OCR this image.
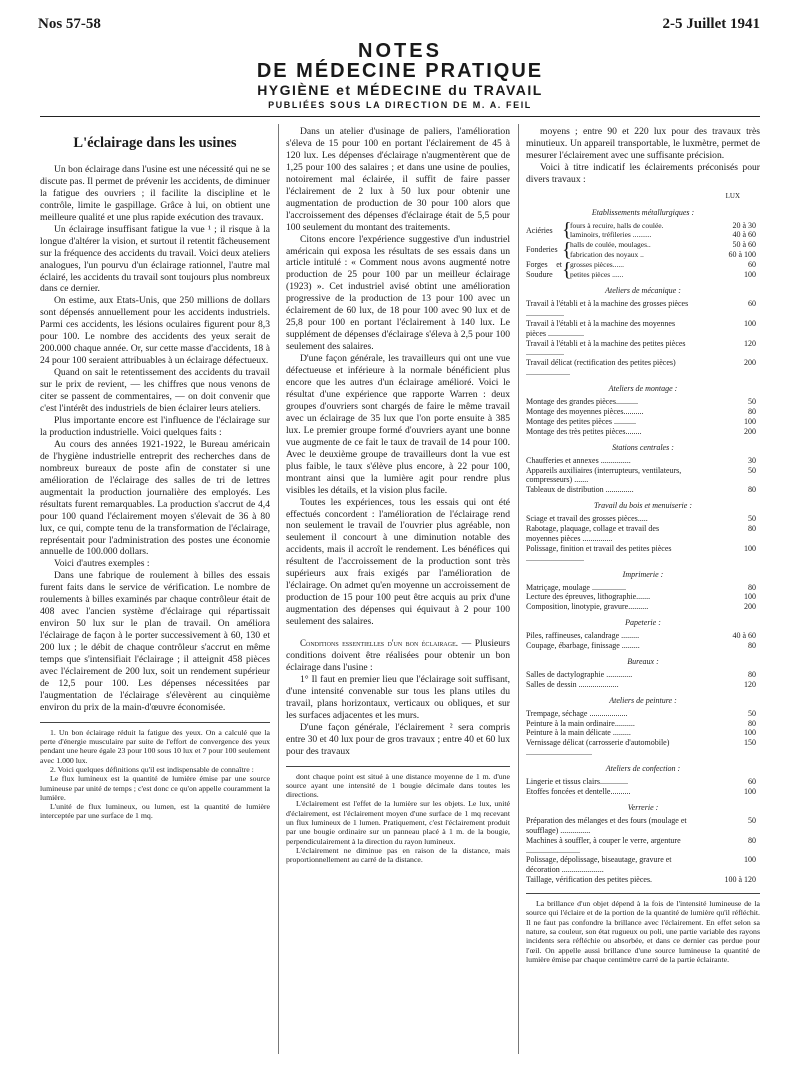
Nos 57-58	2-5 Juillet 1941
NOTES
DE MÉDECINE PRATIQUE
HYGIÈNE et MÉDECINE du TRAVAIL
PUBLIÉES SOUS LA DIRECTION DE M. A. FEIL
L'éclairage dans les usines

Un bon éclairage dans l'usine est une nécessité qui ne se discute pas. Il permet de prévenir les accidents, de diminuer la fatigue des ouvriers ; il facilite la discipline et le contrôle, limite le gaspillage. Grâce à lui, on obtient une meilleure qualité et une plus rapide exécution des travaux.

Un éclairage insuffisant fatigue la vue ¹ ; il risque à la longue d'altérer la vision, et surtout il retentit fâcheusement sur la fréquence des accidents du travail. Voici deux ateliers analogues, l'un pourvu d'un éclairage rationnel, l'autre mal éclairé, les accidents du travail sont toujours plus nombreux dans ce dernier.

On estime, aux Etats-Unis, que 250 millions de dollars sont dépensés annuellement pour les accidents industriels. Parmi ces accidents, les lésions oculaires figurent pour 8,3 pour 100. Le nombre des accidents des yeux serait de 200.000 chaque année. Or, sur cette masse d'accidents, 18 à 24 pour 100 seraient attribuables à un éclairage défectueux.

Quand on sait le retentissement des accidents du travail sur le prix de revient, — les chiffres que nous venons de citer se passent de commentaires, — on doit convenir que c'est l'intérêt des industriels de bien éclairer leurs ateliers.

Plus importante encore est l'influence de l'éclairage sur la production industrielle. Voici quelques faits :

Au cours des années 1921-1922, le Bureau américain de l'hygiène industrielle entreprit des recherches dans de nombreux bureaux de poste afin de constater si une amélioration de l'éclairage des salles de tri de lettres augmentait la production journalière des employés. Les résultats furent remarquables. La production s'accrut de 4,4 pour 100 quand l'éclairement moyen s'élevait de 36 à 80 lux, ce qui, compte tenu de la transformation de l'éclairage, représentait pour l'administration des postes une économie annuelle de 100.000 dollars.

Voici d'autres exemples :

Dans une fabrique de roulement à billes des essais furent faits dans le service de vérification. Le nombre de roulements à billes examinés par chaque contrôleur était de 408 avec l'ancien système d'éclairage qui répartissait environ 50 lux sur le plan de travail. On améliora l'éclairage de façon à le porter successivement à 60, 130 et 200 lux ; le débit de chaque contrôleur s'accrut en même temps que s'intensifiait l'éclairage ; il atteignit 458 pièces avec l'éclairement de 200 lux, soit un rendement supérieur de 12,5 pour 100. Les dépenses nécessitées par l'augmentation de l'éclairage s'élevèrent au cinquième environ du prix de la main-d'œuvre économisée.

1. Un bon éclairage réduit la fatigue des yeux. On a calculé que la perte d'énergie musculaire par suite de l'effort de convergence des yeux pendant une heure égale 23 pour 100 sous 10 lux et 7 pour 100 seulement avec 1.000 lux.

2. Voici quelques définitions qu'il est indispensable de connaître :

Le flux lumineux est la quantité de lumière émise par une source lumineuse par unité de temps ; c'est donc ce qu'on appelle couramment la lumière.

L'unité de flux lumineux, ou lumen, est la quantité de lumière interceptée par une surface de 1 mq.

Dans un atelier d'usinage de paliers, l'amélioration s'éleva de 15 pour 100 en portant l'éclairement de 45 à 120 lux. Les dépenses d'éclairage n'augmentèrent que de 1,25 pour 100 des salaires ; et dans une usine de poulies, notoirement mal éclairée, il suffit de faire passer l'éclairement de 2 lux à 50 lux pour obtenir une augmentation de production de 30 pour 100 alors que l'accroissement des dépenses d'éclairage était de 5,5 pour 100 seulement du montant des traitements.

Citons encore l'expérience suggestive d'un industriel américain qui exposa les résultats de ses essais dans un article intitulé : « Comment nous avons augmenté notre production de 25 pour 100 par un meilleur éclairage (1923) ». Cet industriel avisé obtint une amélioration progressive de la production de 13 pour 100 avec un éclairement de 60 lux, de 18 pour 100 avec 90 lux et de 25,8 pour 100 en portant l'éclairement à 140 lux. Le supplément de dépenses d'éclairage s'éleva à 2,5 pour 100 seulement des salaires.

D'une façon générale, les travailleurs qui ont une vue défectueuse et inférieure à la normale bénéficient plus encore que les autres d'un éclairage amélioré. Voici le résultat d'une expérience que rapporte Warren : deux groupes d'ouvriers sont chargés de faire le même travail avec un éclairage de 35 lux que l'on porte ensuite à 385 lux. Le premier groupe formé d'ouvriers ayant une bonne vue augmente de ce fait le taux de travail de 14 pour 100. Avec le deuxième groupe de travailleurs dont la vue est plus faible, le taux s'élève plus encore, à 22 pour 100, montrant ainsi que la lumière agit pour rendre plus visibles les détails, et la vision plus facile.

Toutes les expériences, tous les essais qui ont été effectués concordent : l'amélioration de l'éclairage rend non seulement le travail de l'ouvrier plus agréable, non seulement il concourt à une diminution notable des accidents, mais il accroît le rendement. Les bénéfices qui résultent de l'accroissement de la production sont très supérieurs aux frais exigés par l'amélioration de l'éclairage. On admet qu'en moyenne un accroissement de production de 15 pour 100 peut être acquis au prix d'une augmentation des dépenses qui équivaut à 2 pour 100 seulement des salaires.

Conditions essentielles d'un bon éclairage. — Plusieurs conditions doivent être réalisées pour obtenir un bon éclairage dans l'usine :

1° Il faut en premier lieu que l'éclairage soit suffisant, d'une intensité convenable sur tous les plans utiles du travail, plans horizontaux, verticaux ou obliques, et sur les surfaces adjacentes et les murs.

D'une façon générale, l'éclairement ² sera compris entre 30 et 40 lux pour de gros travaux ; entre 40 et 60 lux pour des travaux

dont chaque point est situé à une distance moyenne de 1 m. d'une source ayant une intensité de 1 bougie décimale dans toutes les directions.

L'éclairement est l'effet de la lumière sur les objets. Le lux, unité d'éclairement, est l'éclairement moyen d'une surface de 1 mq recevant un flux lumineux de 1 lumen. Pratiquement, c'est l'éclairement produit par une bougie ordinaire sur un panneau placé à 1 m. de la bougie, perpendiculairement à la direction du rayon lumineux.

L'éclairement ne diminue pas en raison de la distance, mais proportionnellement au carré de la distance.

moyens ; entre 90 et 220 lux pour des travaux très minutieux. Un appareil transportable, le luxmètre, permet de mesurer l'éclairement avec une suffisante précision.

Voici à titre indicatif les éclairements préconisés pour divers travaux :

LUX
Etablissements métallurgiques :
Aciéries {
fours à recuire, halls de coulée.	20 à 30
laminoirs, tréfileries ..........	40 à 60
Fonderies {
halls de coulée, moulages..	50 à 60
fabrication des noyaux ..	60 à 100
Forges et Soudure {
grosses pièces......	60
petites pièces ......	100
Ateliers de mécanique :
Travail à l'établi et à la machine des grosses pièces ...................
60
Travail à l'établi et à la machine des moyennes pièces ..................
100
Travail à l'établi et à la machine des petites pièces ...................
120
Travail délicat (rectification des petites pièces) ......................
200
Ateliers de montage :
Montage des grandes pièces...........	50
Montage des moyennes pièces..........	80
Montage des petites pièces ...........	100
Montage des très petites pièces........	200
Stations centrales :
Chaufferies et annexes ...............	30
Appareils auxiliaires (interrupteurs, ventilateurs, compresseurs) .......
50
Tableaux de distribution ..............	80
Travail du bois et menuiserie :
Sciage et travail des grosses pièces.....	50
Rabotage, plaquage, collage et travail des moyennes pièces ...............
80
Polissage, finition et travail des petites pièces .............................
100
Imprimerie :
Matriçage, moulage .................	80
Lecture des épreuves, lithographie.......	100
Composition, linotypie, gravure..........	200
Papeterie :
Piles, raffineuses, calandrage .........	40 à 60
Coupage, ébarbage, finissage .........	80
Bureaux :
Salles de dactylographie .............	80
Salles de dessin ....................	120
Ateliers de peinture :
Trempage, séchage ...................	50
Peinture à la main ordinaire..........	80
Peinture à la main délicate .........	100
Vernissage délicat (carrosserie d'automobile) .................................
150
Ateliers de confection :
Lingerie et tissus clairs..............	60
Etoffes foncées et dentelle..........	100
Verrerie :
Préparation des mélanges et des fours (moulage et soufflage) ...............
50
Machines à souffler, à couper le verre, argenture ...........................
80
Polissage, dépolissage, biseautage, gravure et décoration .....................
100
Taillage, vérification des petites pièces.	100 à 120

La brillance d'un objet dépend à la fois de l'intensité lumineuse de la source qui l'éclaire et de la portion de la quantité de lumière qu'il réfléchit. Il ne faut pas confondre la brillance avec l'éclairement. En effet selon sa nature, sa couleur, son état rugueux ou poli, une partie variable des rayons incidents sera réfléchie ou absorbée, et dans ce dernier cas perdue pour l'œil. On appelle aussi brillance d'une source lumineuse la quantité de lumière émise par chaque centimètre carré de la partie éclairante.
